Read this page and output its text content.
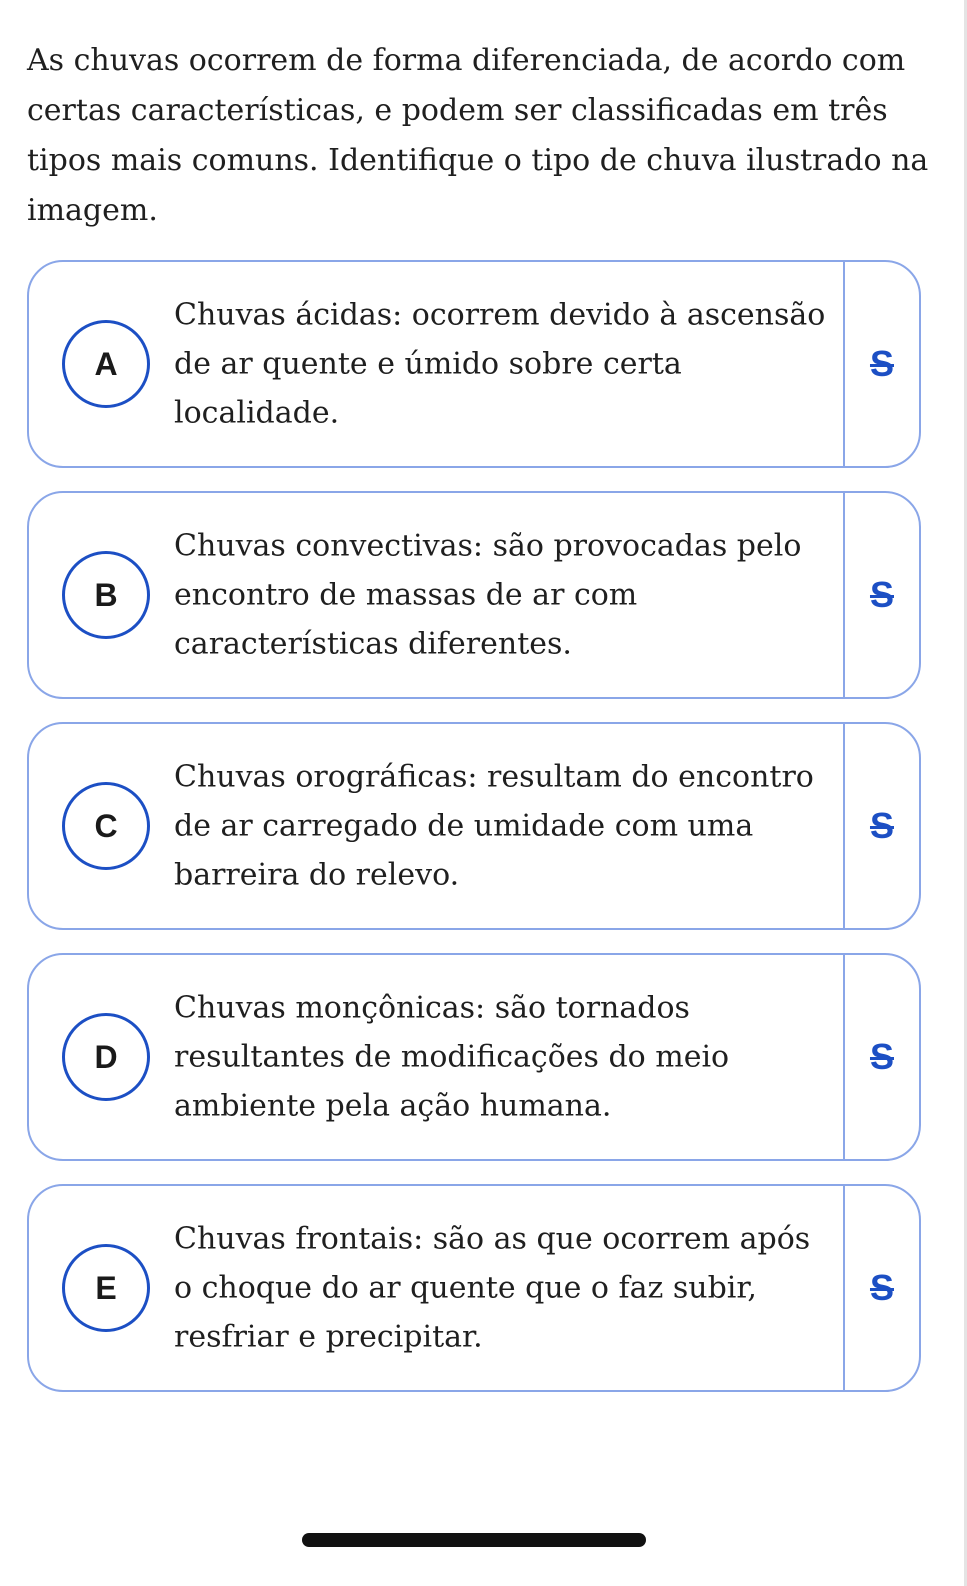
As chuvas ocorrem de forma diferenciada, de acordo com certas características, e podem ser classificadas em três tipos mais comuns. Identifique o tipo de chuva ilustrado na imagem.
A
Chuvas ácidas: ocorrem devido à ascensão de ar quente e úmido sobre certa localidade.
S
B
Chuvas convectivas: são provocadas pelo encontro de massas de ar com características diferentes.
S
C
Chuvas orográficas: resultam do encontro de ar carregado de umidade com uma barreira do relevo.
S
D
Chuvas monçônicas: são tornados resultantes de modificações do meio ambiente pela ação humana.
S
E
Chuvas frontais: são as que ocorrem após o choque do ar quente que o faz subir, resfriar e precipitar.
S
